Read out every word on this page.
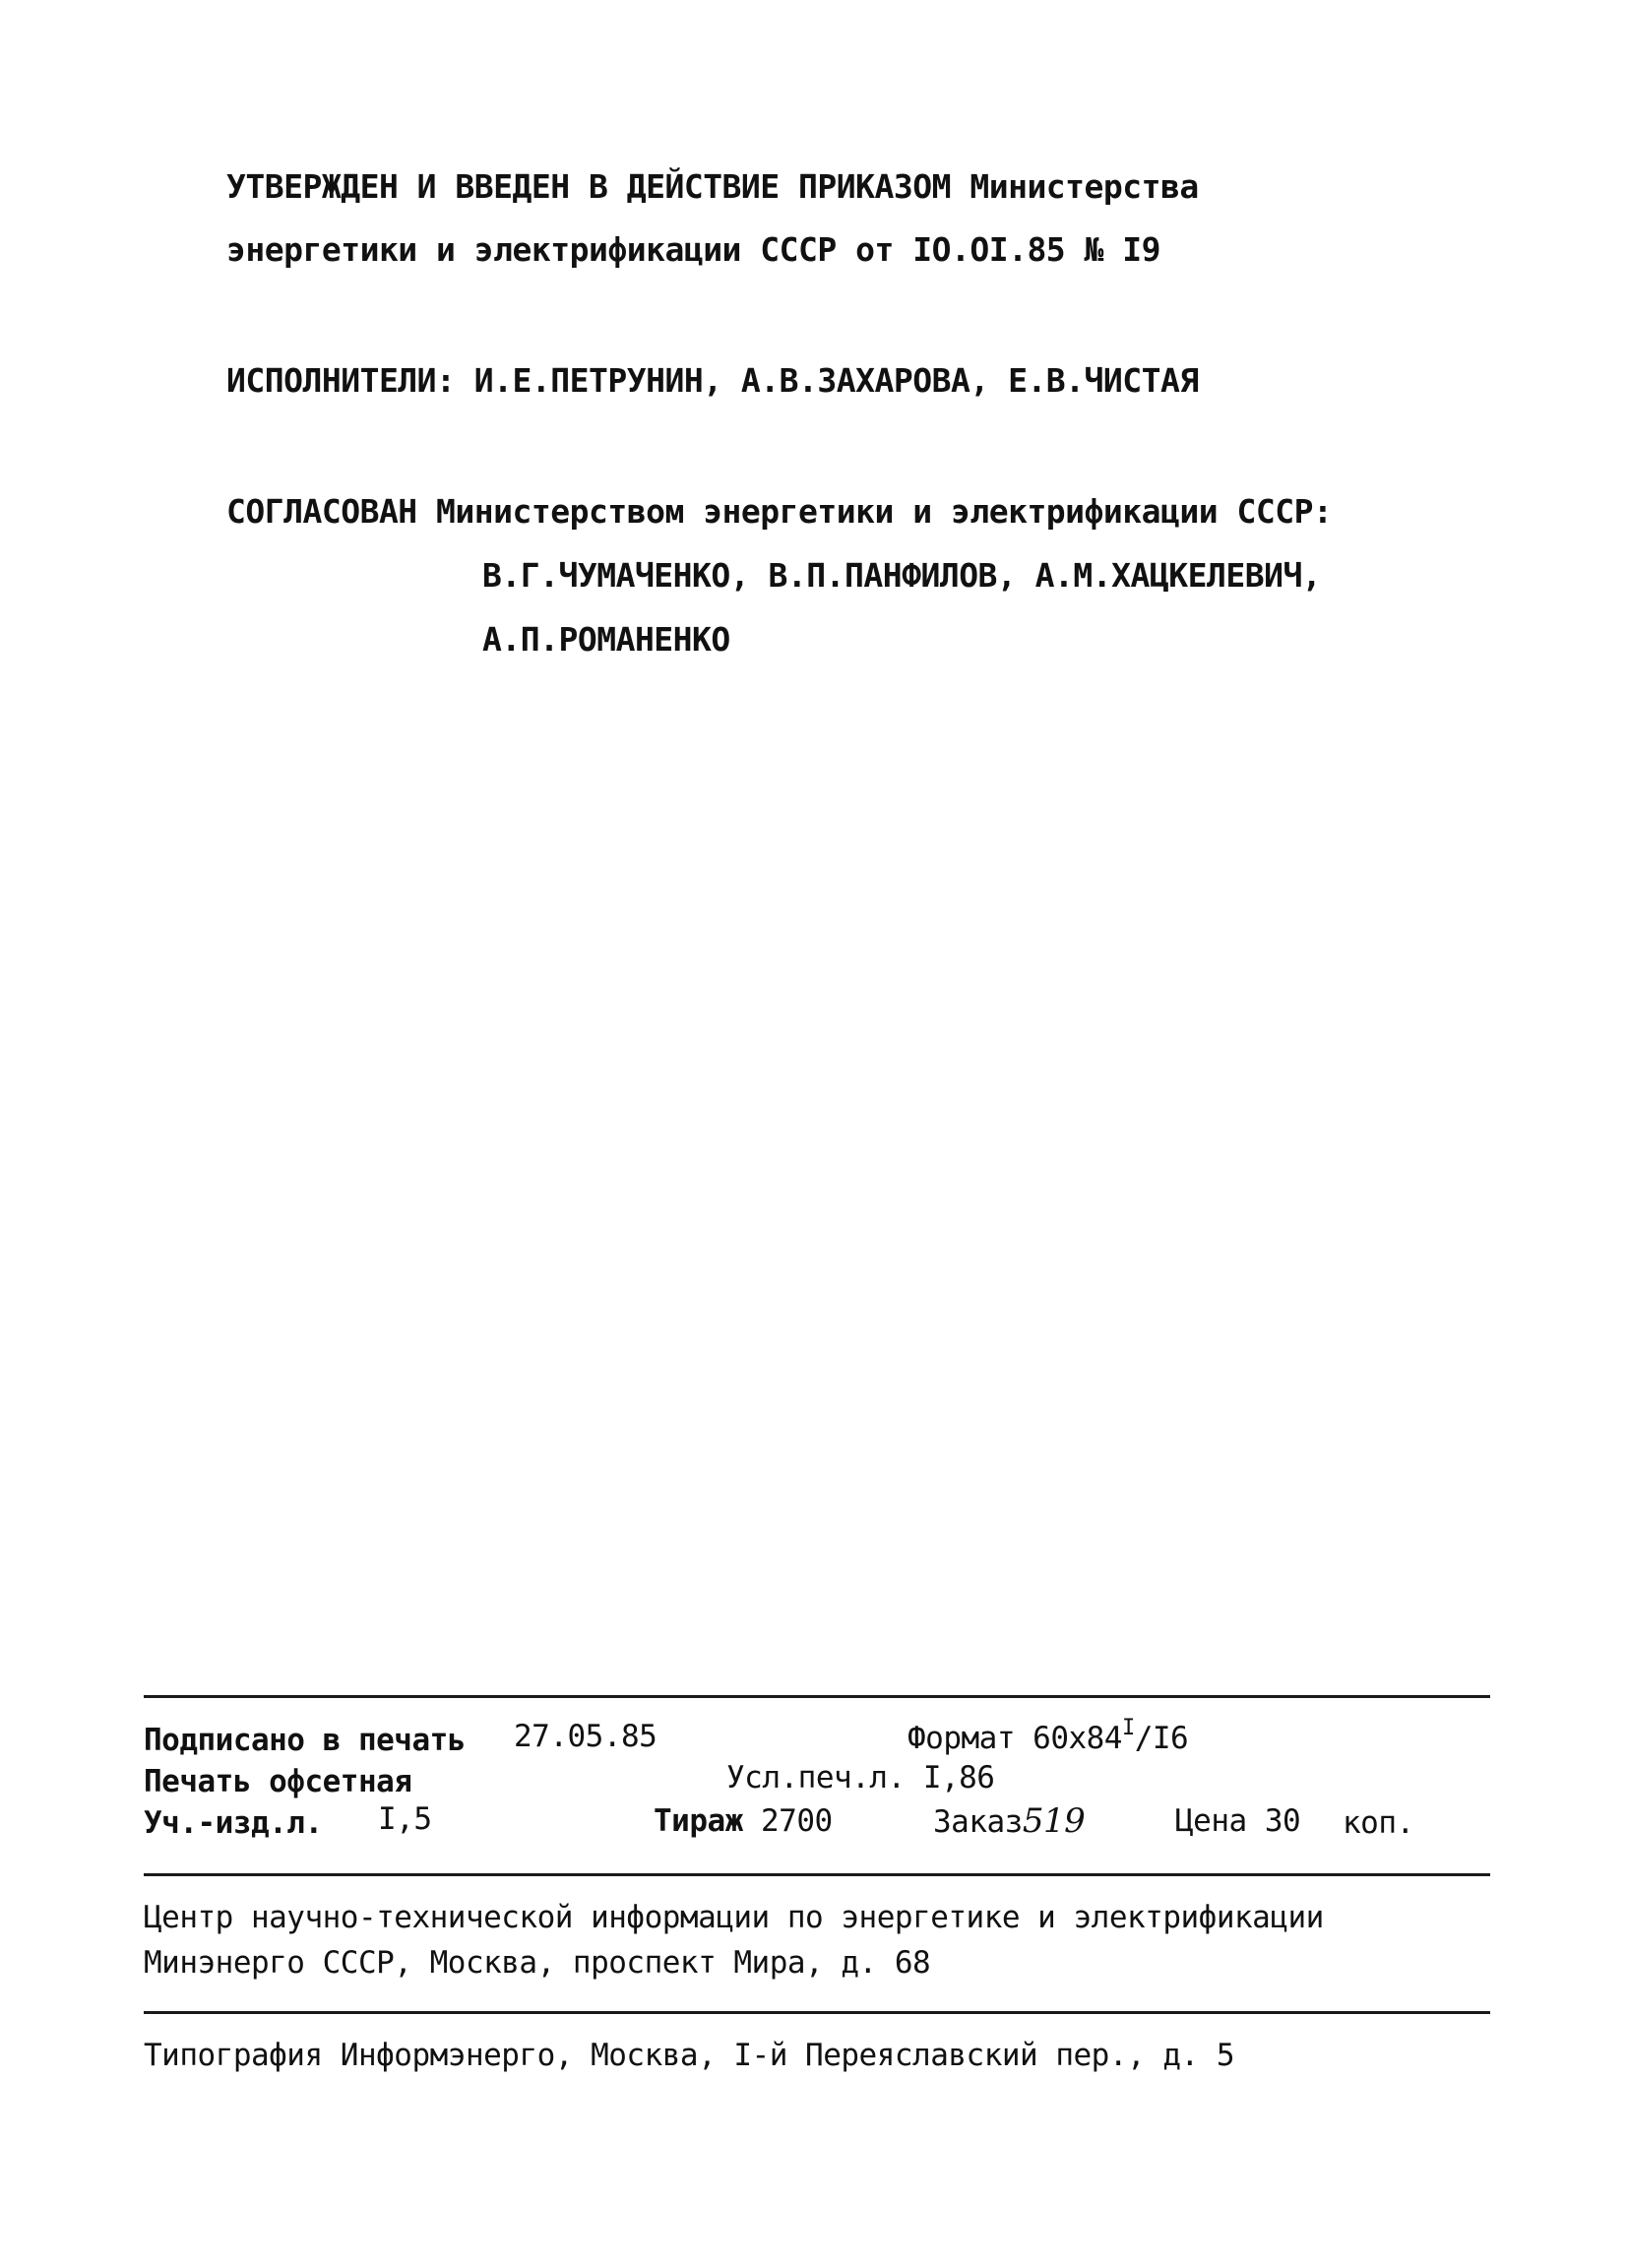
УТВЕРЖДЕН И ВВЕДЕН В ДЕЙСТВИЕ ПРИКАЗОМ Министерства
энергетики и электрификации СССР от IO.OI.85 № I9
ИСПОЛНИТЕЛИ: И.Е.ПЕТРУНИН, А.В.ЗАХАРОВА, Е.В.ЧИСТАЯ
СОГЛАСОВАН Министерством энергетики и электрификации СССР:
В.Г.ЧУМАЧЕНКО, В.П.ПАНФИЛОВ, А.М.ХАЦКЕЛЕВИЧ,
А.П.РОМАНЕНКО
Подписано в печать 27.05.85	Формат $60х84^I/I6$
Печать офсетная	Усл.печ.л. I,86
Уч.-изд.л. I,5	Тираж 2700	Заказ519	Цена 30 коп.
Центр научно-технической информации по энергетике и электрификации
Минэнерго СССР, Москва, проспект Мира, д. 68
Типография Информэнерго, Москва, I-й Переяславский пер., д. 5
